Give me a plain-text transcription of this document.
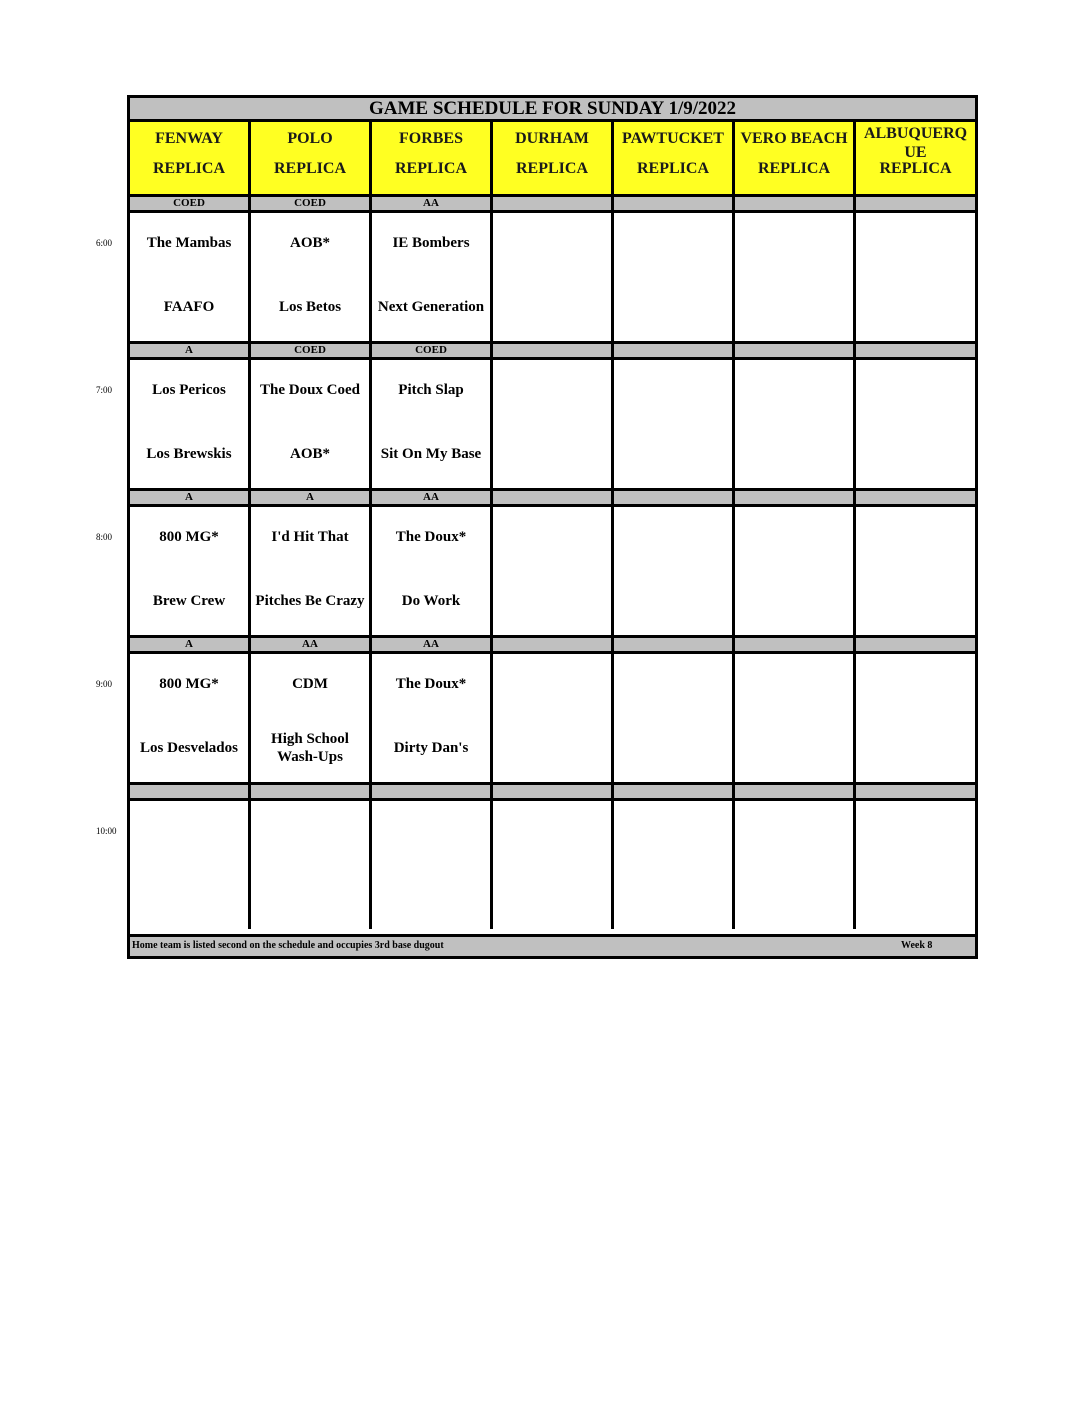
GAME SCHEDULE FOR SUNDAY 1/9/2022
Home team is listed second on the schedule and occupies 3rd base dugout	Week 8
FENWAY
REPLICA
POLO
REPLICA
FORBES
REPLICA
DURHAM
REPLICA
PAWTUCKET
REPLICA
VERO BEACH
REPLICA
ALBUQUERQUE
REPLICA
COED
The Mambas
FAAFO
COED
AOB*
Los Betos
AA
IE Bombers
Next Generation
A
Los Pericos
Los Brewskis
COED
The Doux Coed
AOB*
COED
Pitch Slap
Sit On My Base
A
800 MG*
Brew Crew
A
I'd Hit That
Pitches Be Crazy
AA
The Doux*
Do Work
A
800 MG*
Los Desvelados
AA
CDM
High School Wash-Ups
AA
The Doux*
Dirty Dan's
6:00
7:00
8:00
9:00
10:00
